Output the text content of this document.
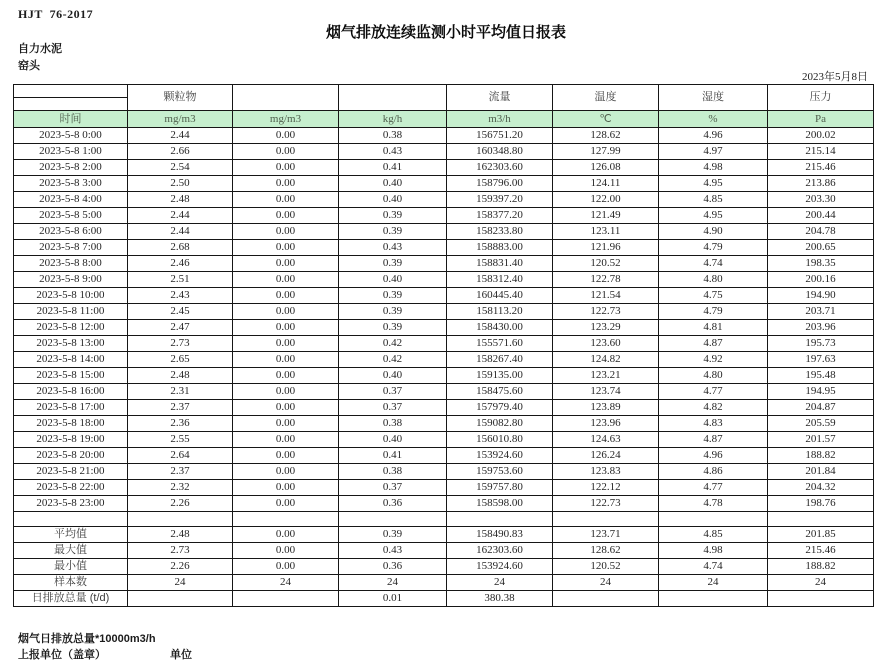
HJT  76-2017
烟气排放连续监测小时平均值日报表
自力水泥
窑头
2023年5月8日
	颗粒物			流量	温度	湿度	压力

时间	mg/m3	mg/m3	kg/h	m3/h	℃	%	Pa
2023-5-8 0:00	2.44	0.00	0.38	156751.20	128.62	4.96	200.02
2023-5-8 1:00	2.66	0.00	0.43	160348.80	127.99	4.97	215.14
2023-5-8 2:00	2.54	0.00	0.41	162303.60	126.08	4.98	215.46
2023-5-8 3:00	2.50	0.00	0.40	158796.00	124.11	4.95	213.86
2023-5-8 4:00	2.48	0.00	0.40	159397.20	122.00	4.85	203.30
2023-5-8 5:00	2.44	0.00	0.39	158377.20	121.49	4.95	200.44
2023-5-8 6:00	2.44	0.00	0.39	158233.80	123.11	4.90	204.78
2023-5-8 7:00	2.68	0.00	0.43	158883.00	121.96	4.79	200.65
2023-5-8 8:00	2.46	0.00	0.39	158831.40	120.52	4.74	198.35
2023-5-8 9:00	2.51	0.00	0.40	158312.40	122.78	4.80	200.16
2023-5-8 10:00	2.43	0.00	0.39	160445.40	121.54	4.75	194.90
2023-5-8 11:00	2.45	0.00	0.39	158113.20	122.73	4.79	203.71
2023-5-8 12:00	2.47	0.00	0.39	158430.00	123.29	4.81	203.96
2023-5-8 13:00	2.73	0.00	0.42	155571.60	123.60	4.87	195.73
2023-5-8 14:00	2.65	0.00	0.42	158267.40	124.82	4.92	197.63
2023-5-8 15:00	2.48	0.00	0.40	159135.00	123.21	4.80	195.48
2023-5-8 16:00	2.31	0.00	0.37	158475.60	123.74	4.77	194.95
2023-5-8 17:00	2.37	0.00	0.37	157979.40	123.89	4.82	204.87
2023-5-8 18:00	2.36	0.00	0.38	159082.80	123.96	4.83	205.59
2023-5-8 19:00	2.55	0.00	0.40	156010.80	124.63	4.87	201.57
2023-5-8 20:00	2.64	0.00	0.41	153924.60	126.24	4.96	188.82
2023-5-8 21:00	2.37	0.00	0.38	159753.60	123.83	4.86	201.84
2023-5-8 22:00	2.32	0.00	0.37	159757.80	122.12	4.77	204.32
2023-5-8 23:00	2.26	0.00	0.36	158598.00	122.73	4.78	198.76

平均值	2.48	0.00	0.39	158490.83	123.71	4.85	201.85
最大值	2.73	0.00	0.43	162303.60	128.62	4.98	215.46
最小值	2.26	0.00	0.36	153924.60	120.52	4.74	188.82
样本数	24	24	24	24	24	24	24
日排放总量 (t/d)			0.01	380.38			
烟气日排放总量*10000m3/h
上报单位（盖章）	单位
